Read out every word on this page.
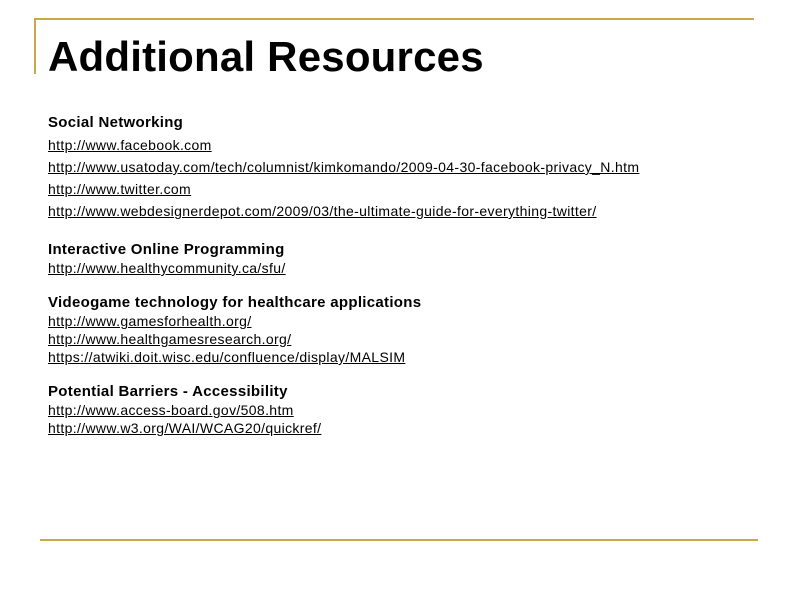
Additional Resources
Social Networking
http://www.facebook.com
http://www.usatoday.com/tech/columnist/kimkomando/2009-04-30-facebook-privacy_N.htm
http://www.twitter.com
http://www.webdesignerdepot.com/2009/03/the-ultimate-guide-for-everything-twitter/
Interactive Online Programming
http://www.healthycommunity.ca/sfu/
Videogame technology for healthcare applications
http://www.gamesforhealth.org/
http://www.healthgamesresearch.org/
https://atwiki.doit.wisc.edu/confluence/display/MALSIM
Potential Barriers - Accessibility
http://www.access-board.gov/508.htm
http://www.w3.org/WAI/WCAG20/quickref/
